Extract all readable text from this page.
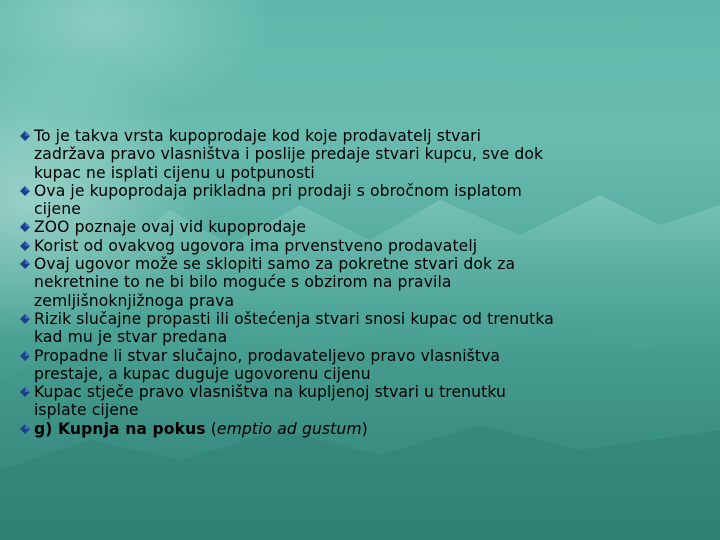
To je takva vrsta kupoprodaje kod koje prodavatelj stvari
zadržava pravo vlasništva i poslije predaje stvari kupcu, sve dok
kupac ne isplati cijenu u potpunosti
Ova je kupoprodaja prikladna pri prodaji s obročnom isplatom
cijene
ZOO poznaje ovaj vid kupoprodaje
Korist od ovakvog ugovora ima prvenstveno prodavatelj
Ovaj ugovor može se sklopiti samo za pokretne stvari dok za
nekretnine to ne bi bilo moguće s obzirom na pravila
zemljišnoknjižnoga prava
Rizik slučajne propasti ili oštećenja stvari snosi kupac od trenutka
kad mu je stvar predana
Propadne li stvar slučajno, prodavateljevo pravo vlasništva
prestaje, a kupac duguje ugovorenu cijenu
Kupac stječe pravo vlasništva na kupljenoj stvari u trenutku
isplate cijene
g) Kupnja na pokus (emptio ad gustum)
